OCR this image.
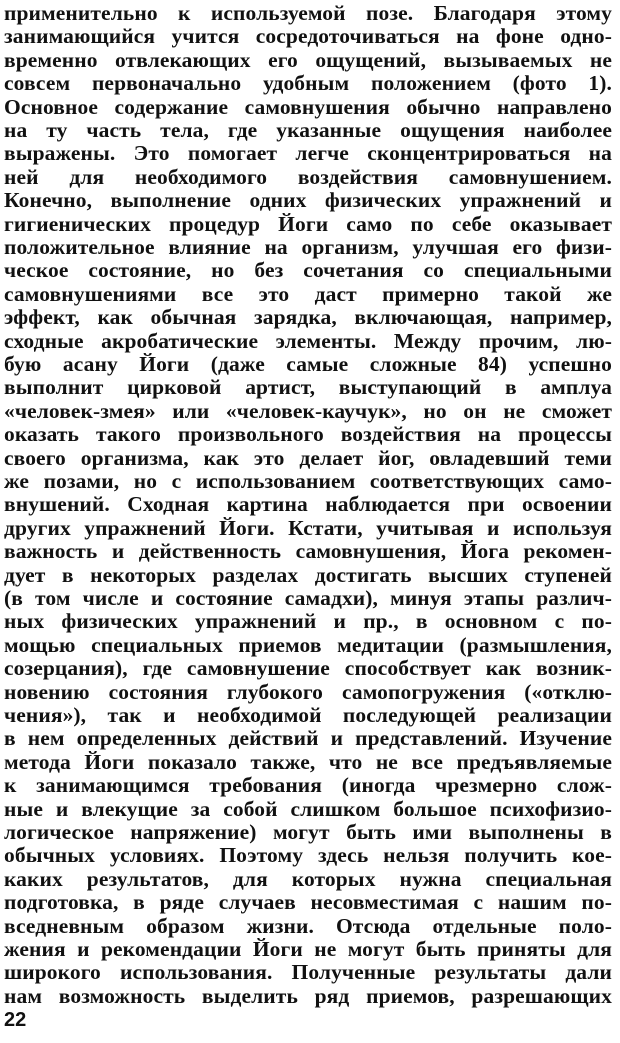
применительно к используемой позе. Благодаря этому
занимающийся учится сосредоточиваться на фоне одно-
временно отвлекающих его ощущений, вызываемых не
совсем первоначально удобным положением (фото 1).
Основное содержание самовнушения обычно направлено
на ту часть тела, где указанные ощущения наиболее
выражены. Это помогает легче сконцентрироваться на
ней для необходимого воздействия самовнушением.
Конечно, выполнение одних физических упражнений и
гигиенических процедур Йоги само по себе оказывает
положительное влияние на организм, улучшая его физи-
ческое состояние, но без сочетания со специальными
самовнушениями все это даст примерно такой же
эффект, как обычная зарядка, включающая, например,
сходные акробатические элементы. Между прочим, лю-
бую асану Йоги (даже самые сложные 84) успешно
выполнит цирковой артист, выступающий в амплуа
«человек-змея» или «человек-каучук», но он не сможет
оказать такого произвольного воздействия на процессы
своего организма, как это делает йог, овладевший теми
же позами, но с использованием соответствующих само-
внушений. Сходная картина наблюдается при освоении
других упражнений Йоги. Кстати, учитывая и используя
важность и действенность самовнушения, Йога рекомен-
дует в некоторых разделах достигать высших ступеней
(в том числе и состояние самадхи), минуя этапы различ-
ных физических упражнений и пр., в основном с по-
мощью специальных приемов медитации (размышления,
созерцания), где самовнушение способствует как возник-
новению состояния глубокого самопогружения («отклю-
чения»), так и необходимой последующей реализации
в нем определенных действий и представлений. Изучение
метода Йоги показало также, что не все предъявляемые
к занимающимся требования (иногда чрезмерно слож-
ные и влекущие за собой слишком большое психофизио-
логическое напряжение) могут быть ими выполнены в
обычных условиях. Поэтому здесь нельзя получить кое-
каких результатов, для которых нужна специальная
подготовка, в ряде случаев несовместимая с нашим по-
вседневным образом жизни. Отсюда отдельные поло-
жения и рекомендации Йоги не могут быть приняты для
широкого использования. Полученные результаты дали
нам возможность выделить ряд приемов, разрешающих
22
